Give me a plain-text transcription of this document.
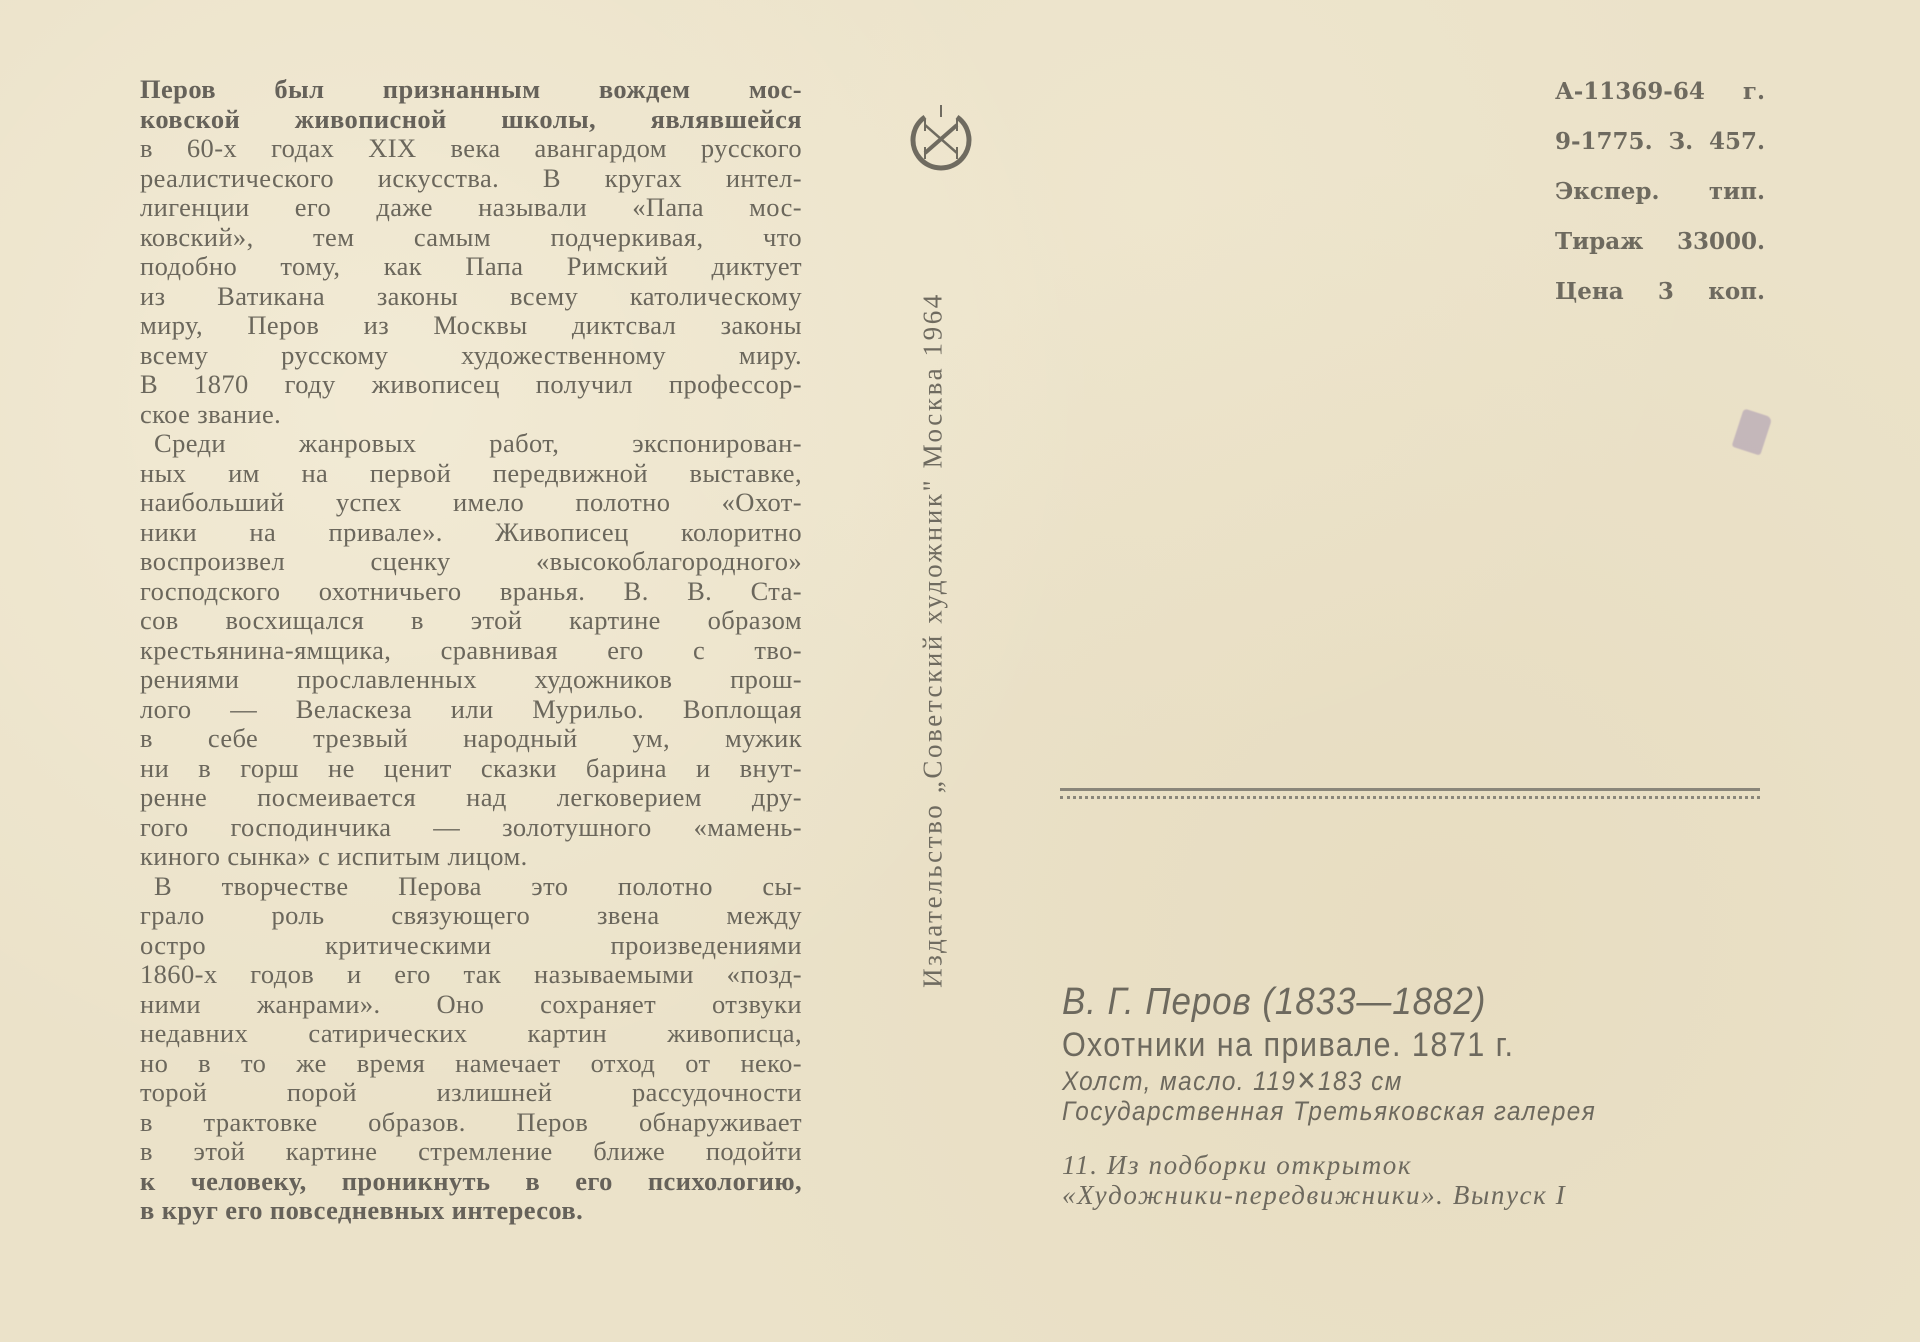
Перов был признанным вождем мос-
ковской живописной школы, являвшейся
в 60-х годах XIX века авангардом русского
реалистического искусства. В кругах интел-
лигенции его даже называли «Папа мос-
ковский», тем самым подчеркивая, что
подобно тому, как Папа Римский диктует
из Ватикана законы всему католическому
миру, Перов из Москвы диктсвал законы
всему русскому художественному миру.
В 1870 году живописец получил профессор-
ское звание.
Среди жанровых работ, экспонирован-
ных им на первой передвижной выставке,
наибольший успех имело полотно «Охот-
ники на привале». Живописец колоритно
воспроизвел сценку «высокоблагородного»
господского охотничьего вранья. В. В. Ста-
сов восхищался в этой картине образом
крестьянина-ямщика, сравнивая его с тво-
рениями прославленных художников прош-
лого — Веласкеза или Мурильо. Воплощая
в себе трезвый народный ум, мужик
ни в горш не ценит сказки барина и внут-
ренне посмеивается над легковерием дру-
гого господинчика — золотушного «мамень-
киного сынка» с испитым лицом.
В творчестве Перова это полотно сы-
грало роль связующего звена между
остро критическими произведениями
1860-х годов и его так называемыми «позд-
ними жанрами». Оно сохраняет отзвуки
недавних сатирических картин живописца,
но в то же время намечает отход от неко-
торой порой излишней рассудочности
в трактовке образов. Перов обнаруживает
в этой картине стремление ближе подойти
к человеку, проникнуть в его психологию,
в круг его повседневных интересов.
Издательство „Советский художник" Москва 1964
А-11369-64 г.
9-1775. З. 457.
Экспер. тип.
Тираж 33000.
Цена 3 коп.
В. Г. Перов (1833—1882)
Охотники на привале. 1871 г.
Холст, масло. 119✕183 см
Государственная Третьяковская галерея
11. Из подборки открыток
«Художники-передвижники». Выпуск I
